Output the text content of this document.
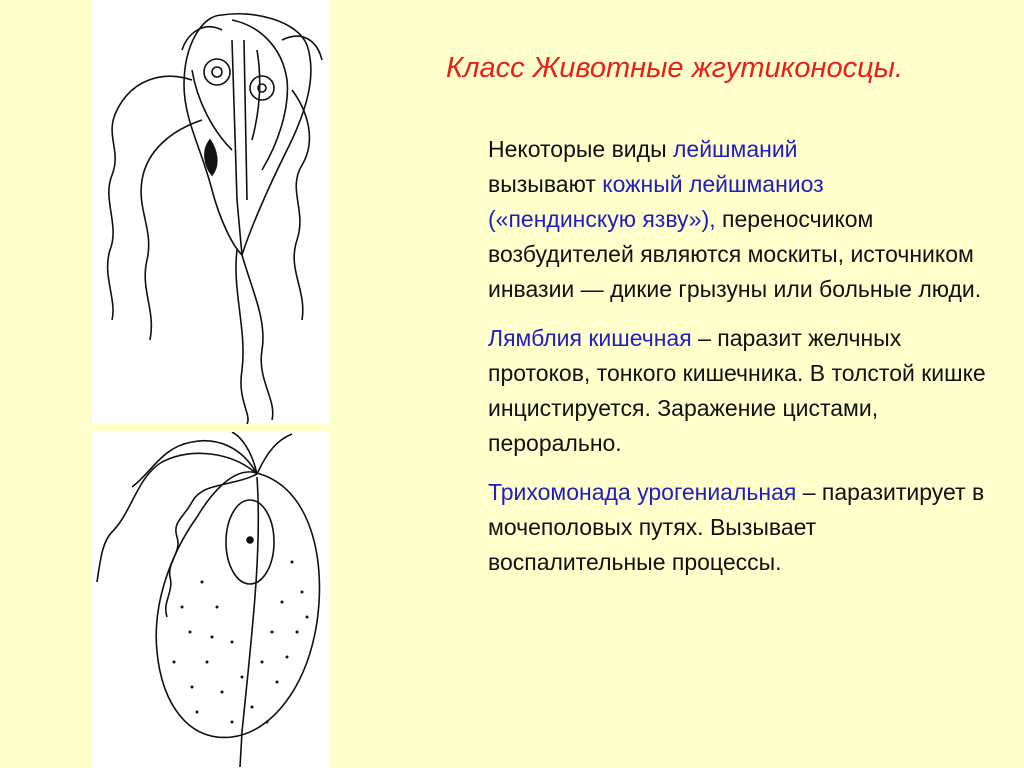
Класс Животные жгутиконосцы.

Некоторые виды лейшманий
вызывают кожный лейшманиоз
(«пендинскую язву»), переносчиком возбудителей являются москиты, источником инвазии — дикие грызуны или больные люди.

Лямблия кишечная – паразит желчных протоков, тонкого кишечника. В толстой кишке инцистируется. Заражение цистами, перорально.

Трихомонада урогениальная – паразитирует в мочеполовых путях. Вызывает воспалительные процессы.
